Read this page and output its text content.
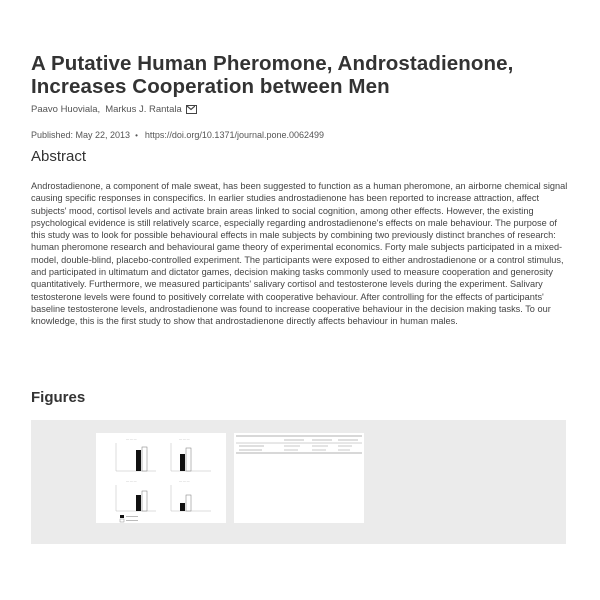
A Putative Human Pheromone, Androstadienone, Increases Cooperation between Men
Paavo Huoviala, Markus J. Rantala
Published: May 22, 2013 • https://doi.org/10.1371/journal.pone.0062499
Abstract

Androstadienone, a component of male sweat, has been suggested to function as a human pheromone, an airborne chemical signal causing specific responses in conspecifics. In earlier studies androstadienone has been reported to increase attraction, affect subjects' mood, cortisol levels and activate brain areas linked to social cognition, among other effects. However, the existing psychological evidence is still relatively scarce, especially regarding androstadienone's effects on male behaviour. The purpose of this study was to look for possible behavioural effects in male subjects by combining two previously distinct branches of research: human pheromone research and behavioural game theory of experimental economics. Forty male subjects participated in a mixed-model, double-blind, placebo-controlled experiment. The participants were exposed to either androstadienone or a control stimulus, and participated in ultimatum and dictator games, decision making tasks commonly used to measure cooperation and generosity quantitatively. Furthermore, we measured participants' salivary cortisol and testosterone levels during the experiment. Salivary testosterone levels were found to positively correlate with cooperative behaviour. After controlling for the effects of participants' baseline testosterone levels, androstadienone was found to increase cooperative behaviour in the decision making tasks. To our knowledge, this is the first study to show that androstadienone directly affects behaviour in human males.

Figures
— — —	— — —
— — —	— — —
